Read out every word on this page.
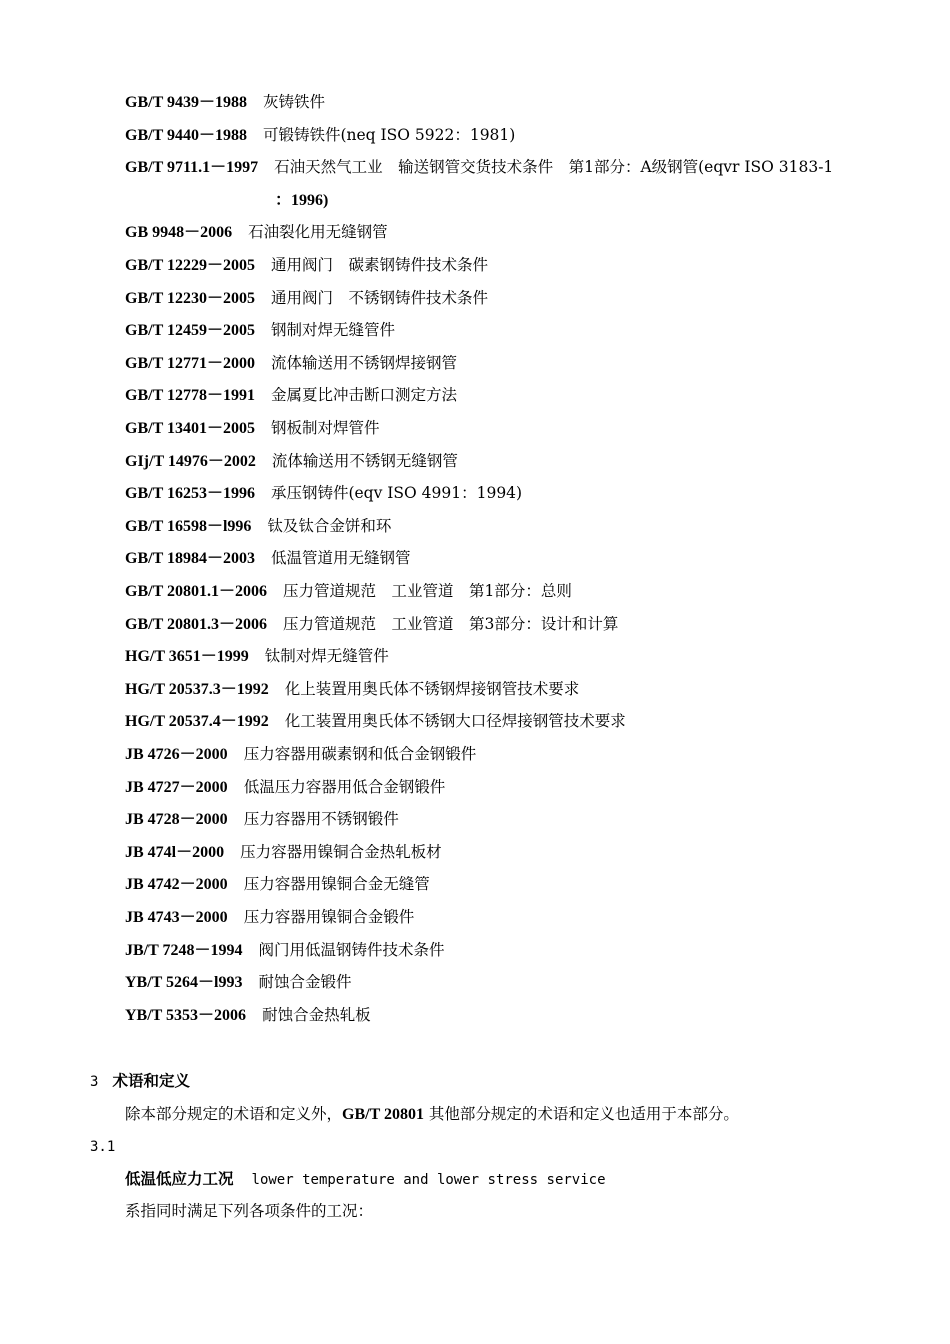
GB/T 9439－1988 灰铸铁件
GB/T 9440－1988 可锻铸铁件(neq ISO 5922：1981)
GB/T 9711.1－1997 石油天然气工业　输送钢管交货技术条件　第1部分：A级钢管(eqvr ISO 3183-1
：1996)
GB 9948－2006 石油裂化用无缝钢管
GB/T 12229－2005 通用阀门　碳素钢铸件技术条件
GB/T 12230－2005 通用阀门　不锈钢铸件技术条件
GB/T 12459－2005 钢制对焊无缝管件
GB/T 12771－2000 流体输送用不锈钢焊接钢管
GB/T 12778－1991 金属夏比冲击断口测定方法
GB/T 13401－2005 钢板制对焊管件
GIj/T 14976－2002 流体输送用不锈钢无缝钢管
GB/T 16253－1996 承压钢铸件(eqv ISO 4991：1994)
GB/T 16598－l996 钛及钛合金饼和环
GB/T 18984－2003 低温管道用无缝钢管
GB/T 20801.1－2006 压力管道规范　工业管道　第1部分：总则
GB/T 20801.3－2006 压力管道规范　工业管道　第3部分：设计和计算
HG/T 3651－1999 钛制对焊无缝管件
HG/T 20537.3－1992 化上装置用奥氏体不锈钢焊接钢管技术要求
HG/T 20537.4－1992 化工装置用奥氏体不锈钢大口径焊接钢管技术要求
JB 4726－2000 压力容器用碳素钢和低合金钢锻件
JB 4727－2000 低温压力容器用低合金钢锻件
JB 4728－2000 压力容器用不锈钢锻件
JB 474l－2000 压力容器用镍铜合金热轧板材
JB 4742－2000 压力容器用镍铜合金无缝管
JB 4743－2000 压力容器用镍铜合金锻件
JB/T 7248－1994 阀门用低温钢铸件技术条件
YB/T 5264－l993 耐蚀合金锻件
YB/T 5353－2006 耐蚀合金热轧板
3 术语和定义
除本部分规定的术语和定义外，GB/T 20801 其他部分规定的术语和定义也适用于本部分。
3.1
低温低应力工况 lower temperature and lower stress service
系指同时满足下列各项条件的工况：
